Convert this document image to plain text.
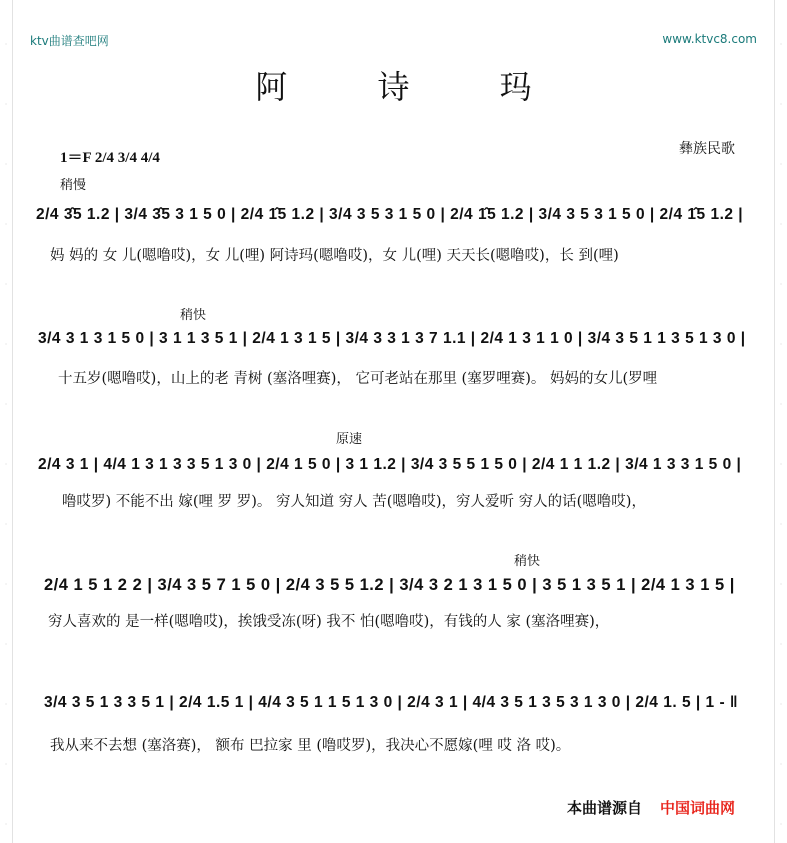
·
·
·
·
·
·
·
·
·
·
·
·
·
·
·
·
·
·
·
·
·
·
·
·
·
·
·
·
ktv曲谱查吧网	www.ktvc8.com
阿 诗 玛
1＝F 2/4 3/4 4/4
彝族民歌
稍慢
2/4 3̂5 1.2 | 3/4 3̂5 3 1 5 0 | 2/4 1̂5 1.2 | 3/4 3 5 3 1 5 0 | 2/4 1̂5 1.2 | 3/4 3 5 3 1 5 0 | 2/4 1̂5 1.2 |
妈 妈的 女 儿(嗯噜哎)，女 儿(哩) 阿诗玛(嗯噜哎)，女 儿(哩) 天天长(嗯噜哎)，长 到(哩)
稍快
3/4 3 1 3 1 5 0 | 3 1 1 3 5 1 | 2/4 1 3 1 5 | 3/4 3 3 1 3 7 1.1 | 2/4 1 3 1 1 0 | 3/4 3 5 1 1 3 5 1 3 0 |
十五岁(嗯噜哎)，山上的老 青树 (塞洛哩赛)， 它可老站在那里 (塞罗哩赛)。 妈妈的女儿(罗哩
原速
2/4 3 1 | 4/4 1 3 1 3 3 5 1 3 0 | 2/4 1 5 0 | 3 1 1.2 | 3/4 3 5 5 1 5 0 | 2/4 1 1 1.2 | 3/4 1 3 3 1 5 0 |
噜哎罗) 不能不出 嫁(哩 罗 罗)。 穷人知道 穷人 苦(嗯噜哎)，穷人爱听 穷人的话(嗯噜哎)，
稍快
2/4 1 5 1 2 2 | 3/4 3 5 7 1 5 0 | 2/4 3 5 5 1.2 | 3/4 3 2 1 3 1 5 0 | 3 5 1 3 5 1 | 2/4 1 3 1 5 |
穷人喜欢的 是一样(嗯噜哎)，挨饿受冻(呀) 我不 怕(嗯噜哎)，有钱的人 家 (塞洛哩赛)，
3/4 3 5 1 3 3 5 1 | 2/4 1.5 1 | 4/4 3 5 1 1 5 1 3 0 | 2/4 3 1 | 4/4 3 5 1 3 5 3 1 3 0 | 2/4 1. 5 | 1 - ‖
我从来不去想 (塞洛赛)， 额布 巴拉家 里 (噜哎罗)，我决心不愿嫁(哩 哎 洛 哎)。
本曲谱源自 中国词曲网
